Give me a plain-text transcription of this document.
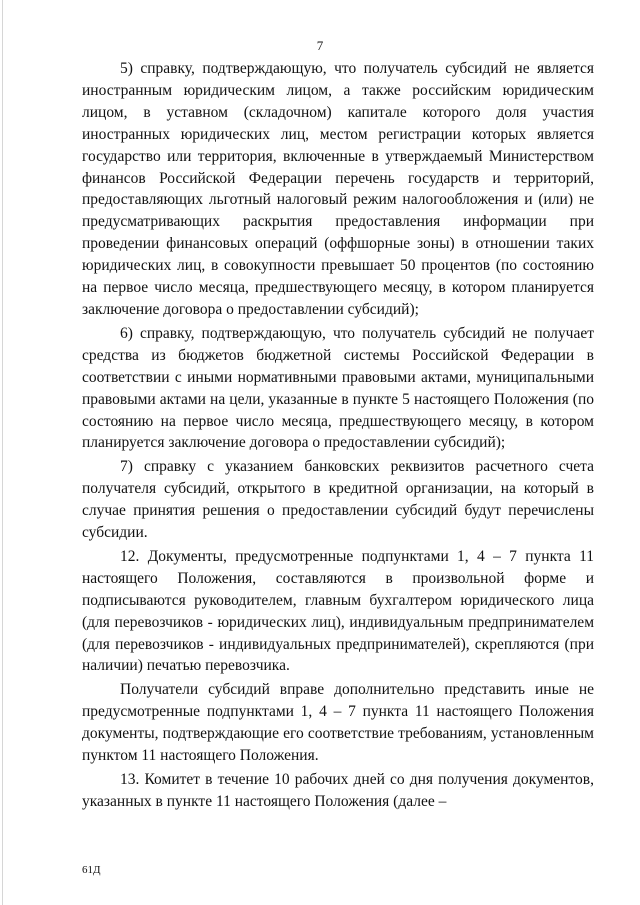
7

5) справку, подтверждающую, что получатель субсидий не является иностранным юридическим лицом, а также российским юридическим лицом, в уставном (складочном) капитале которого доля участия иностранных юридических лиц, местом регистрации которых является государство или территория, включенные в утверждаемый Министерством финансов Российской Федерации перечень государств и территорий, предоставляющих льготный налоговый режим налогообложения и (или) не предусматривающих раскрытия предоставления информации при проведении финансовых операций (оффшорные зоны) в отношении таких юридических лиц, в совокупности превышает 50 процентов (по состоянию на первое число месяца, предшествующего месяцу, в котором планируется заключение договора о предоставлении субсидий);

6) справку, подтверждающую, что получатель субсидий не получает средства из бюджетов бюджетной системы Российской Федерации в соответствии с иными нормативными правовыми актами, муниципальными правовыми актами на цели, указанные в пункте 5 настоящего Положения (по состоянию на первое число месяца, предшествующего месяцу, в котором планируется заключение договора о предоставлении субсидий);

7) справку с указанием банковских реквизитов расчетного счета получателя субсидий, открытого в кредитной организации, на который в случае принятия решения о предоставлении субсидий будут перечислены субсидии.

12. Документы, предусмотренные подпунктами 1, 4 – 7 пункта 11 настоящего Положения, составляются в произвольной форме и подписываются руководителем, главным бухгалтером юридического лица (для перевозчиков - юридических лиц), индивидуальным предпринимателем (для перевозчиков - индивидуальных предпринимателей), скрепляются (при наличии) печатью перевозчика.

Получатели субсидий вправе дополнительно представить иные не предусмотренные подпунктами 1, 4 – 7 пункта 11 настоящего Положения документы, подтверждающие его соответствие требованиям, установленным пунктом 11 настоящего Положения.

13. Комитет в течение 10 рабочих дней со дня получения документов, указанных в пункте 11 настоящего Положения (далее –

61Д
